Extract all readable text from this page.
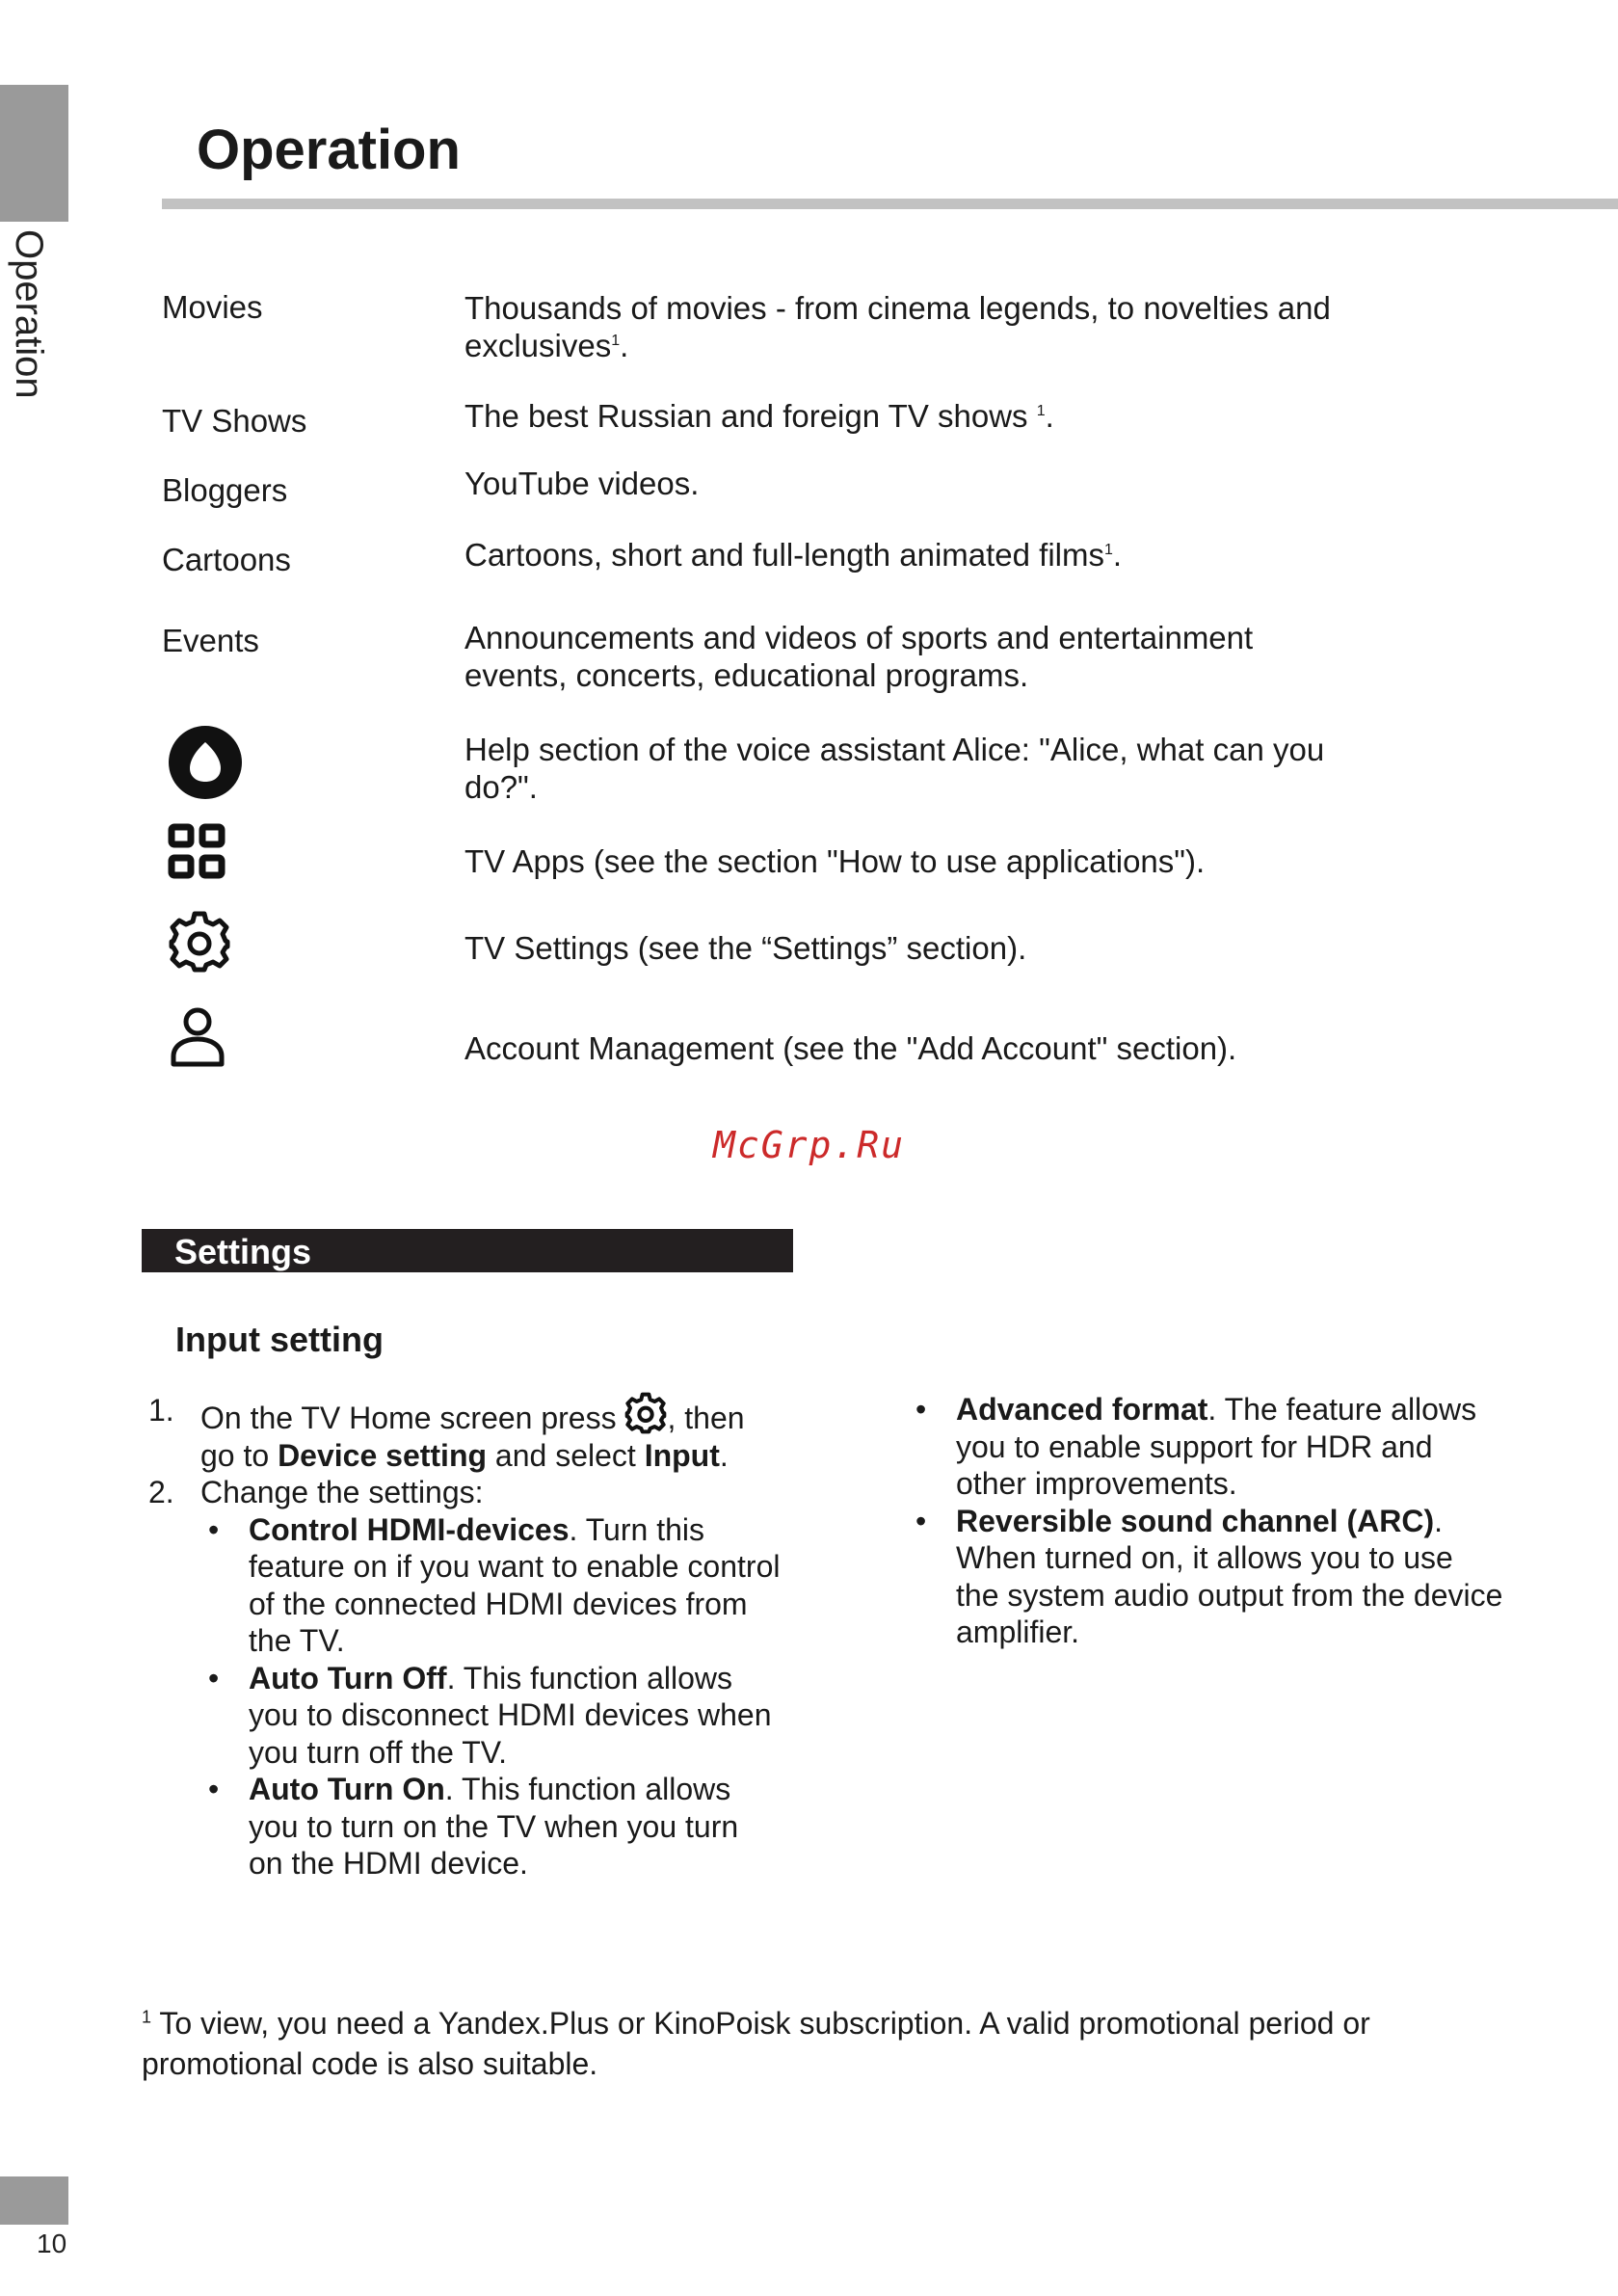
Operation
10
Operation
Movies	Thousands of movies - from cinema legends, to novelties and exclusives$^1$.
TV Shows	The best Russian and foreign TV shows $^1$.
Bloggers	YouTube videos.
Cartoons	Cartoons, short and full-length animated films$^1$.
Events	Announcements and videos of sports and entertainment events, concerts, educational programs.
Help section of the voice assistant Alice: "Alice, what can you do?".
TV Apps (see the section "How to use applications").
TV Settings (see the “Settings” section).
Account Management (see the "Add Account" section).
McGrp.Ru
Settings
Input setting
1. On the TV Home screen press , then go to Device setting and select Input.
2. Change the settings:
• Control HDMI-devices. Turn this feature on if you want to enable control of the connected HDMI devices from the TV.
• Auto Turn Off. This function allows you to disconnect HDMI devices when you turn off the TV.
• Auto Turn On. This function allows you to turn on the TV when you turn on the HDMI device.
• Advanced format. The feature allows you to enable support for HDR and other improvements.
• Reversible sound channel (ARC). When turned on, it allows you to use the system audio output from the device amplifier.
$^1$ To view, you need a Yandex.Plus or KinoPoisk subscription. A valid promotional period or promotional code is also suitable.
